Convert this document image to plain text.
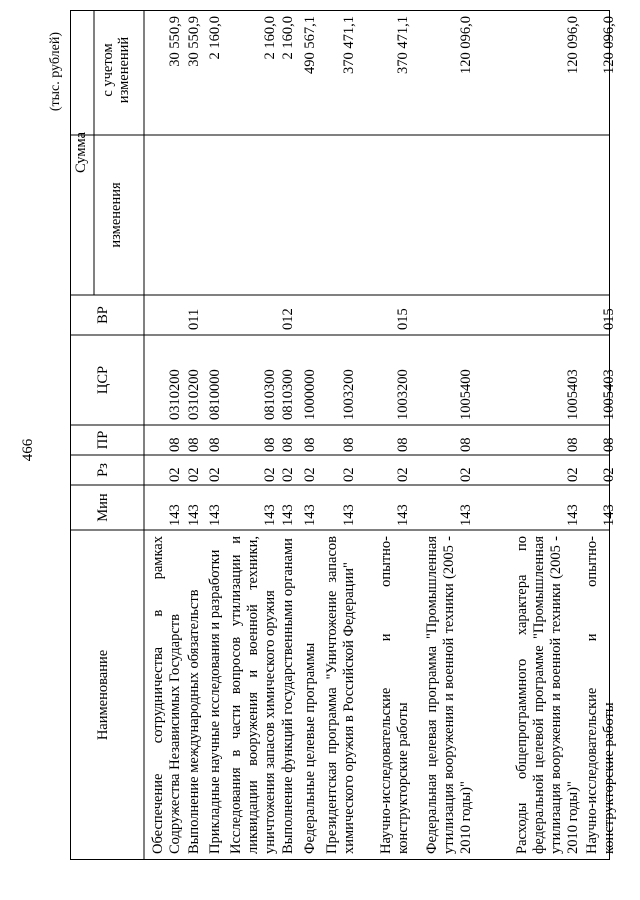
466
(тыс. рублей)
Наименование
Мин
Рз
ПР
ЦСР
ВР
Сумма
изменения
с учетом изменений
Обеспечение сотрудничества в рамках Содружества Независимых Государств
143
02
08
0310200
30 550,9
Выполнение международных обязательств
143
02
08
0310200
011
30 550,9
Прикладные научные исследования и разработки
143
02
08
0810000
2 160,0
Исследования в части вопросов утилизации и ликвидации вооружения и военной техники, уничтожения запасов химического оружия
143
02
08
0810300
2 160,0
Выполнение функций государственными органами
143
02
08
0810300
012
2 160,0
Федеральные целевые программы
143
02
08
1000000
490 567,1
Президентская программа "Уничтожение запасов химического оружия в Российской Федерации"
143
02
08
1003200
370 471,1
Научно-исследовательские и опытно-конструкторские работы
143
02
08
1003200
015
370 471,1
Федеральная целевая программа "Промышленная утилизация вооружения и военной техники (2005 - 2010 годы)"
143
02
08
1005400
120 096,0
Расходы общепрограммного характера по федеральной целевой программе "Промышленная утилизация вооружения и военной техники (2005 - 2010 годы)"
143
02
08
1005403
120 096,0
Научно-исследовательские и опытно-конструкторские работы
143
02
08
1005403
015
120 096,0
